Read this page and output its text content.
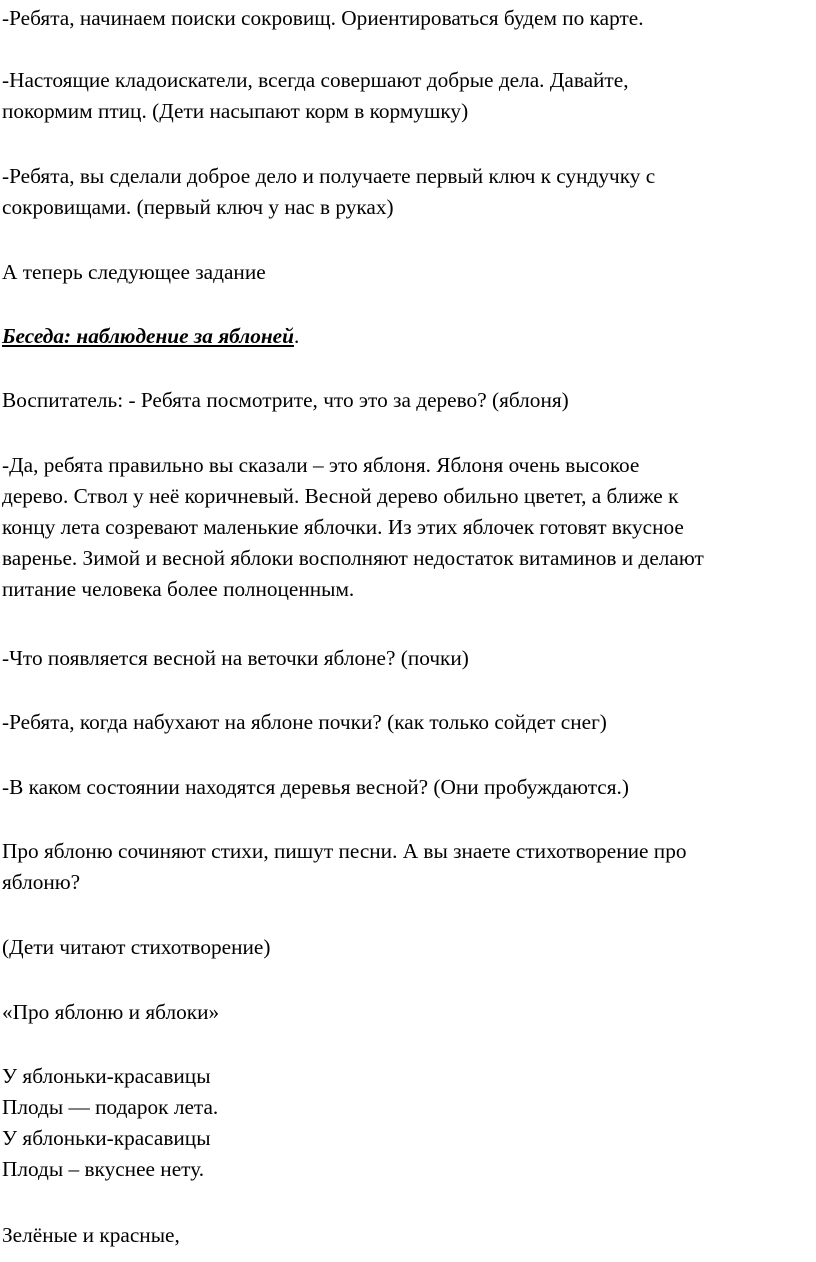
-Ребята, начинаем поиски сокровищ. Ориентироваться будем по карте.

-Настоящие кладоискатели, всегда совершают добрые дела. Давайте,
покормим птиц. (Дети насыпают корм в кормушку)

-Ребята, вы сделали доброе дело и получаете первый ключ к сундучку с
сокровищами. (первый ключ у нас в руках)

А теперь следующее задание

Беседа: наблюдение за яблоней.

Воспитатель: - Ребята посмотрите, что это за дерево? (яблоня)

-Да, ребята правильно вы сказали – это яблоня. Яблоня очень высокое
дерево. Ствол у неё коричневый. Весной дерево обильно цветет, а ближе к
концу лета созревают маленькие яблочки. Из этих яблочек готовят вкусное
варенье. Зимой и весной яблоки восполняют недостаток витаминов и делают
питание человека более полноценным.

-Что появляется весной на веточки яблоне? (почки)

-Ребята, когда набухают на яблоне почки? (как только сойдет снег)

-В каком состоянии находятся деревья весной? (Они пробуждаются.)

Про яблоню сочиняют стихи, пишут песни. А вы знаете стихотворение про
яблоню?

(Дети читают стихотворение)

«Про яблоню и яблоки»

У яблоньки-красавицы
Плоды — подарок лета.
У яблоньки-красавицы
Плоды – вкуснее нету.

Зелёные и красные,
